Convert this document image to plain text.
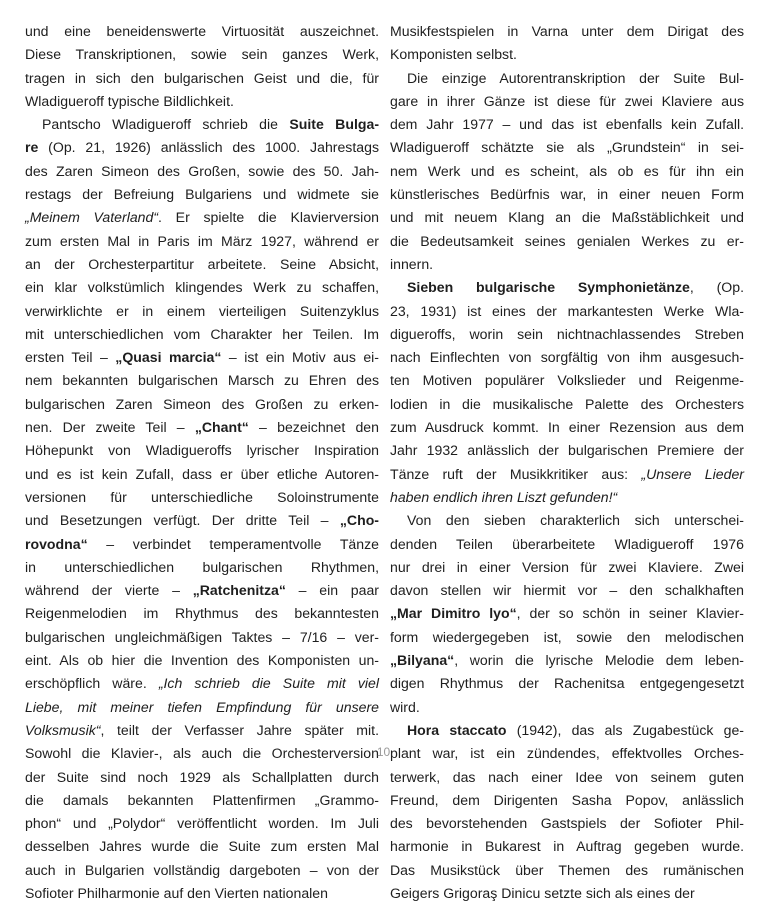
und eine beneidenswerte Virtuosität auszeichnet.
Diese Transkriptionen, sowie sein ganzes Werk,
tragen in sich den bulgarischen Geist und die, für
Wladigueroff typische Bildlichkeit.
Pantscho Wladigueroff schrieb die Suite Bulga-
re (Op. 21, 1926) anlässlich des 1000. Jahrestags
des Zaren Simeon des Großen, sowie des 50. Jah-
restags der Befreiung Bulgariens und widmete sie
„Meinem Vaterland“. Er spielte die Klavierversion
zum ersten Mal in Paris im März 1927, während er
an der Orchesterpartitur arbeitete. Seine Absicht,
ein klar volkstümlich klingendes Werk zu schaffen,
verwirklichte er in einem vierteiligen Suitenzyklus
mit unterschiedlichen vom Charakter her Teilen. Im
ersten Teil – „Quasi marcia“ – ist ein Motiv aus ei-
nem bekannten bulgarischen Marsch zu Ehren des
bulgarischen Zaren Simeon des Großen zu erken-
nen. Der zweite Teil – „Chant“ – bezeichnet den
Höhepunkt von Wladigueroffs lyrischer Inspiration
und es ist kein Zufall, dass er über etliche Autoren-
versionen für unterschiedliche Soloinstrumente
und Besetzungen verfügt. Der dritte Teil – „Cho-
rovodna“ – verbindet temperamentvolle Tänze
in unterschiedlichen bulgarischen Rhythmen,
während der vierte – „Ratchenitza“ – ein paar
Reigenmelodien im Rhythmus des bekanntesten
bulgarischen ungleichmäßigen Taktes – 7/16 – ver-
eint. Als ob hier die Invention des Komponisten un-
erschöpflich wäre. „Ich schrieb die Suite mit viel
Liebe, mit meiner tiefen Empfindung für unsere
Volksmusik“, teilt der Verfasser Jahre später mit.
Sowohl die Klavier-, als auch die Orchesterversion
der Suite sind noch 1929 als Schallplatten durch
die damals bekannten Plattenfirmen „Grammo-
phon“ und „Polydor“ veröffentlicht worden. Im Juli
desselben Jahres wurde die Suite zum ersten Mal
auch in Bulgarien vollständig dargeboten – von der
Sofioter Philharmonie auf den Vierten nationalen
Musikfestspielen in Varna unter dem Dirigat des
Komponisten selbst.
Die einzige Autorentranskription der Suite Bul-
gare in ihrer Gänze ist diese für zwei Klaviere aus
dem Jahr 1977 – und das ist ebenfalls kein Zufall.
Wladigueroff schätzte sie als „Grundstein“ in sei-
nem Werk und es scheint, als ob es für ihn ein
künstlerisches Bedürfnis war, in einer neuen Form
und mit neuem Klang an die Maßstäblichkeit und
die Bedeutsamkeit seines genialen Werkes zu er-
innern.
Sieben bulgarische Symphonietänze, (Op.
23, 1931) ist eines der markantesten Werke Wla-
digueroffs, worin sein nichtnachlassendes Streben
nach Einflechten von sorgfältig von ihm ausgesuch-
ten Motiven populärer Volkslieder und Reigenme-
lodien in die musikalische Palette des Orchesters
zum Ausdruck kommt. In einer Rezension aus dem
Jahr 1932 anlässlich der bulgarischen Premiere der
Tänze ruft der Musikkritiker aus: „Unsere Lieder
haben endlich ihren Liszt gefunden!“
Von den sieben charakterlich sich unterschei-
denden Teilen überarbeitete Wladigueroff 1976
nur drei in einer Version für zwei Klaviere. Zwei
davon stellen wir hiermit vor – den schalkhaften
„Mar Dimitro lyo“, der so schön in seiner Klavier-
form wiedergegeben ist, sowie den melodischen
„Bilyana“, worin die lyrische Melodie dem leben-
digen Rhythmus der Rachenitsa entgegengesetzt
wird.
Hora staccato (1942), das als Zugabestück ge-
plant war, ist ein zündendes, effektvolles Orches-
terwerk, das nach einer Idee von seinem guten
Freund, dem Dirigenten Sasha Popov, anlässlich
des bevorstehenden Gastspiels der Sofioter Phil-
harmonie in Bukarest in Auftrag gegeben wurde.
Das Musikstück über Themen des rumänischen
Geigers Grigoraş Dinicu setzte sich als eines der
10
